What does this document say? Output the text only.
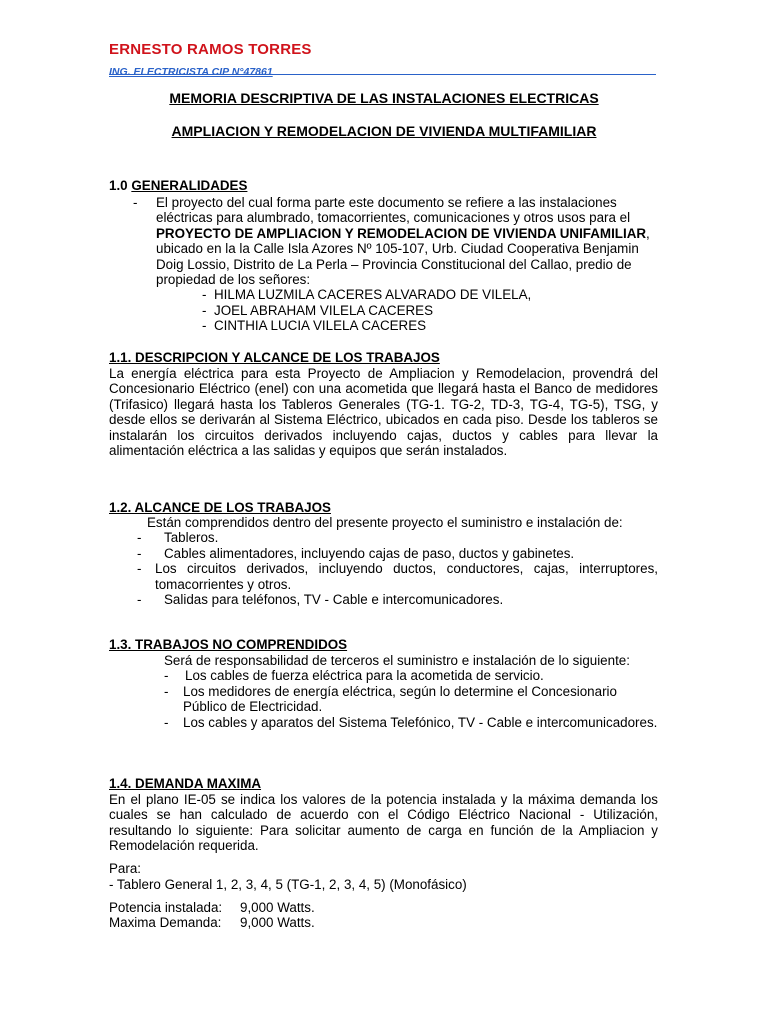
ERNESTO RAMOS TORRES
ING. ELECTRICISTA CIP N°47861
MEMORIA DESCRIPTIVA DE LAS INSTALACIONES ELECTRICAS
AMPLIACION Y REMODELACION DE VIVIENDA MULTIFAMILIAR
1.0 GENERALIDADES
- El proyecto del cual forma parte este documento se refiere a las instalaciones eléctricas para alumbrado, tomacorrientes, comunicaciones y otros usos para el PROYECTO DE AMPLIACION Y REMODELACION DE VIVIENDA UNIFAMILIAR, ubicado en la la Calle Isla Azores Nº 105-107, Urb. Ciudad Cooperativa Benjamin Doig Lossio, Distrito de La Perla – Provincia Constitucional del Callao, predio de propiedad de los señores:

- HILMA LUZMILA CACERES ALVARADO DE VILELA,

- JOEL ABRAHAM VILELA CACERES

- CINTHIA LUCIA VILELA CACERES

1.1. DESCRIPCION Y ALCANCE DE LOS TRABAJOS

La energía eléctrica para esta Proyecto de Ampliacion y Remodelacion, provendrá del Concesionario Eléctrico (enel) con una acometida que llegará hasta el Banco de medidores (Trifasico) llegará hasta los Tableros Generales (TG-1. TG-2, TD-3, TG-4, TG-5), TSG, y desde ellos se derivarán al Sistema Eléctrico, ubicados en cada piso. Desde los tableros se instalarán los circuitos derivados incluyendo cajas, ductos y cables para llevar la alimentación eléctrica a las salidas y equipos que serán instalados.

1.2. ALCANCE DE LOS TRABAJOS

Están comprendidos dentro del presente proyecto el suministro e instalación de:

- Tableros.

- Cables alimentadores, incluyendo cajas de paso, ductos y gabinetes.

- Los circuitos derivados, incluyendo ductos, conductores, cajas, interruptores, tomacorrientes y otros.

- Salidas para teléfonos, TV - Cable e intercomunicadores.

1.3. TRABAJOS NO COMPRENDIDOS

Será de responsabilidad de terceros el suministro e instalación de lo siguiente:

- Los cables de fuerza eléctrica para la acometida de servicio.

- Los medidores de energía eléctrica, según lo determine el Concesionario Público de Electricidad.

- Los cables y aparatos del Sistema Telefónico, TV - Cable e intercomunicadores.

1.4. DEMANDA MAXIMA

En el plano IE-05 se indica los valores de la potencia instalada y la máxima demanda los cuales se han calculado de acuerdo con el Código Eléctrico Nacional - Utilización, resultando lo siguiente: Para solicitar aumento de carga en función de la Ampliacion y Remodelación requerida.

Para:
- Tablero General 1, 2, 3, 4, 5 (TG-1, 2, 3, 4, 5) (Monofásico)
Potencia instalada: 9,000 Watts.
Maxima Demanda: 9,000 Watts.
